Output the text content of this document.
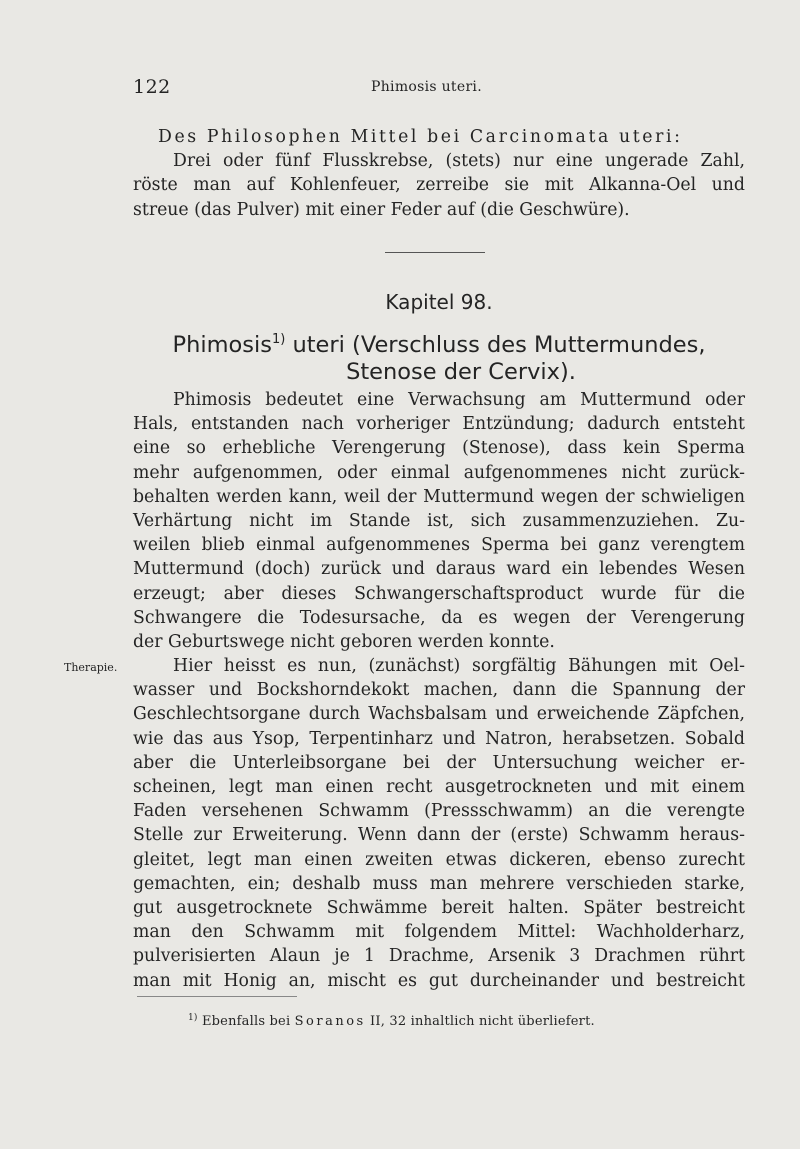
122	Phimosis uteri.

Des Philosophen Mittel bei Carcinomata uteri:

Drei oder fünf Flusskrebse, (stets) nur eine ungerade Zahl,

röste man auf Kohlenfeuer, zerreibe sie mit Alkanna-Oel und

streue (das Pulver) mit einer Feder auf (die Geschwüre).

Kapitel 98.
Phimosis$^{1)}$ uteri (Verschluss des Muttermundes,
Stenose der Cervix).

Phimosis bedeutet eine Verwachsung am Muttermund oder

Hals, entstanden nach vorheriger Entzündung; dadurch entsteht

eine so erhebliche Verengerung (Stenose), dass kein Sperma

mehr aufgenommen, oder einmal aufgenommenes nicht zurück-

behalten werden kann, weil der Muttermund wegen der schwieligen

Verhärtung nicht im Stande ist, sich zusammenzuziehen. Zu-

weilen blieb einmal aufgenommenes Sperma bei ganz verengtem

Muttermund (doch) zurück und daraus ward ein lebendes Wesen

erzeugt; aber dieses Schwangerschaftsproduct wurde für die

Schwangere die Todesursache, da es wegen der Verengerung

der Geburtswege nicht geboren werden konnte.

Therapie.	Hier heisst es nun, (zunächst) sorgfältig Bähungen mit Oel-

wasser und Bockshorndekokt machen, dann die Spannung der

Geschlechtsorgane durch Wachsbalsam und erweichende Zäpfchen,

wie das aus Ysop, Terpentinharz und Natron, herabsetzen. Sobald

aber die Unterleibsorgane bei der Untersuchung weicher er-

scheinen, legt man einen recht ausgetrockneten und mit einem

Faden versehenen Schwamm (Pressschwamm) an die verengte

Stelle zur Erweiterung. Wenn dann der (erste) Schwamm heraus-

gleitet, legt man einen zweiten etwas dickeren, ebenso zurecht

gemachten, ein; deshalb muss man mehrere verschieden starke,

gut ausgetrocknete Schwämme bereit halten. Später bestreicht

man den Schwamm mit folgendem Mittel: Wachholderharz,

pulverisierten Alaun je 1 Drachme, Arsenik 3 Drachmen rührt

man mit Honig an, mischt es gut durcheinander und bestreicht

$^{1)}$ Ebenfalls bei Soranos II, 32 inhaltlich nicht überliefert.
